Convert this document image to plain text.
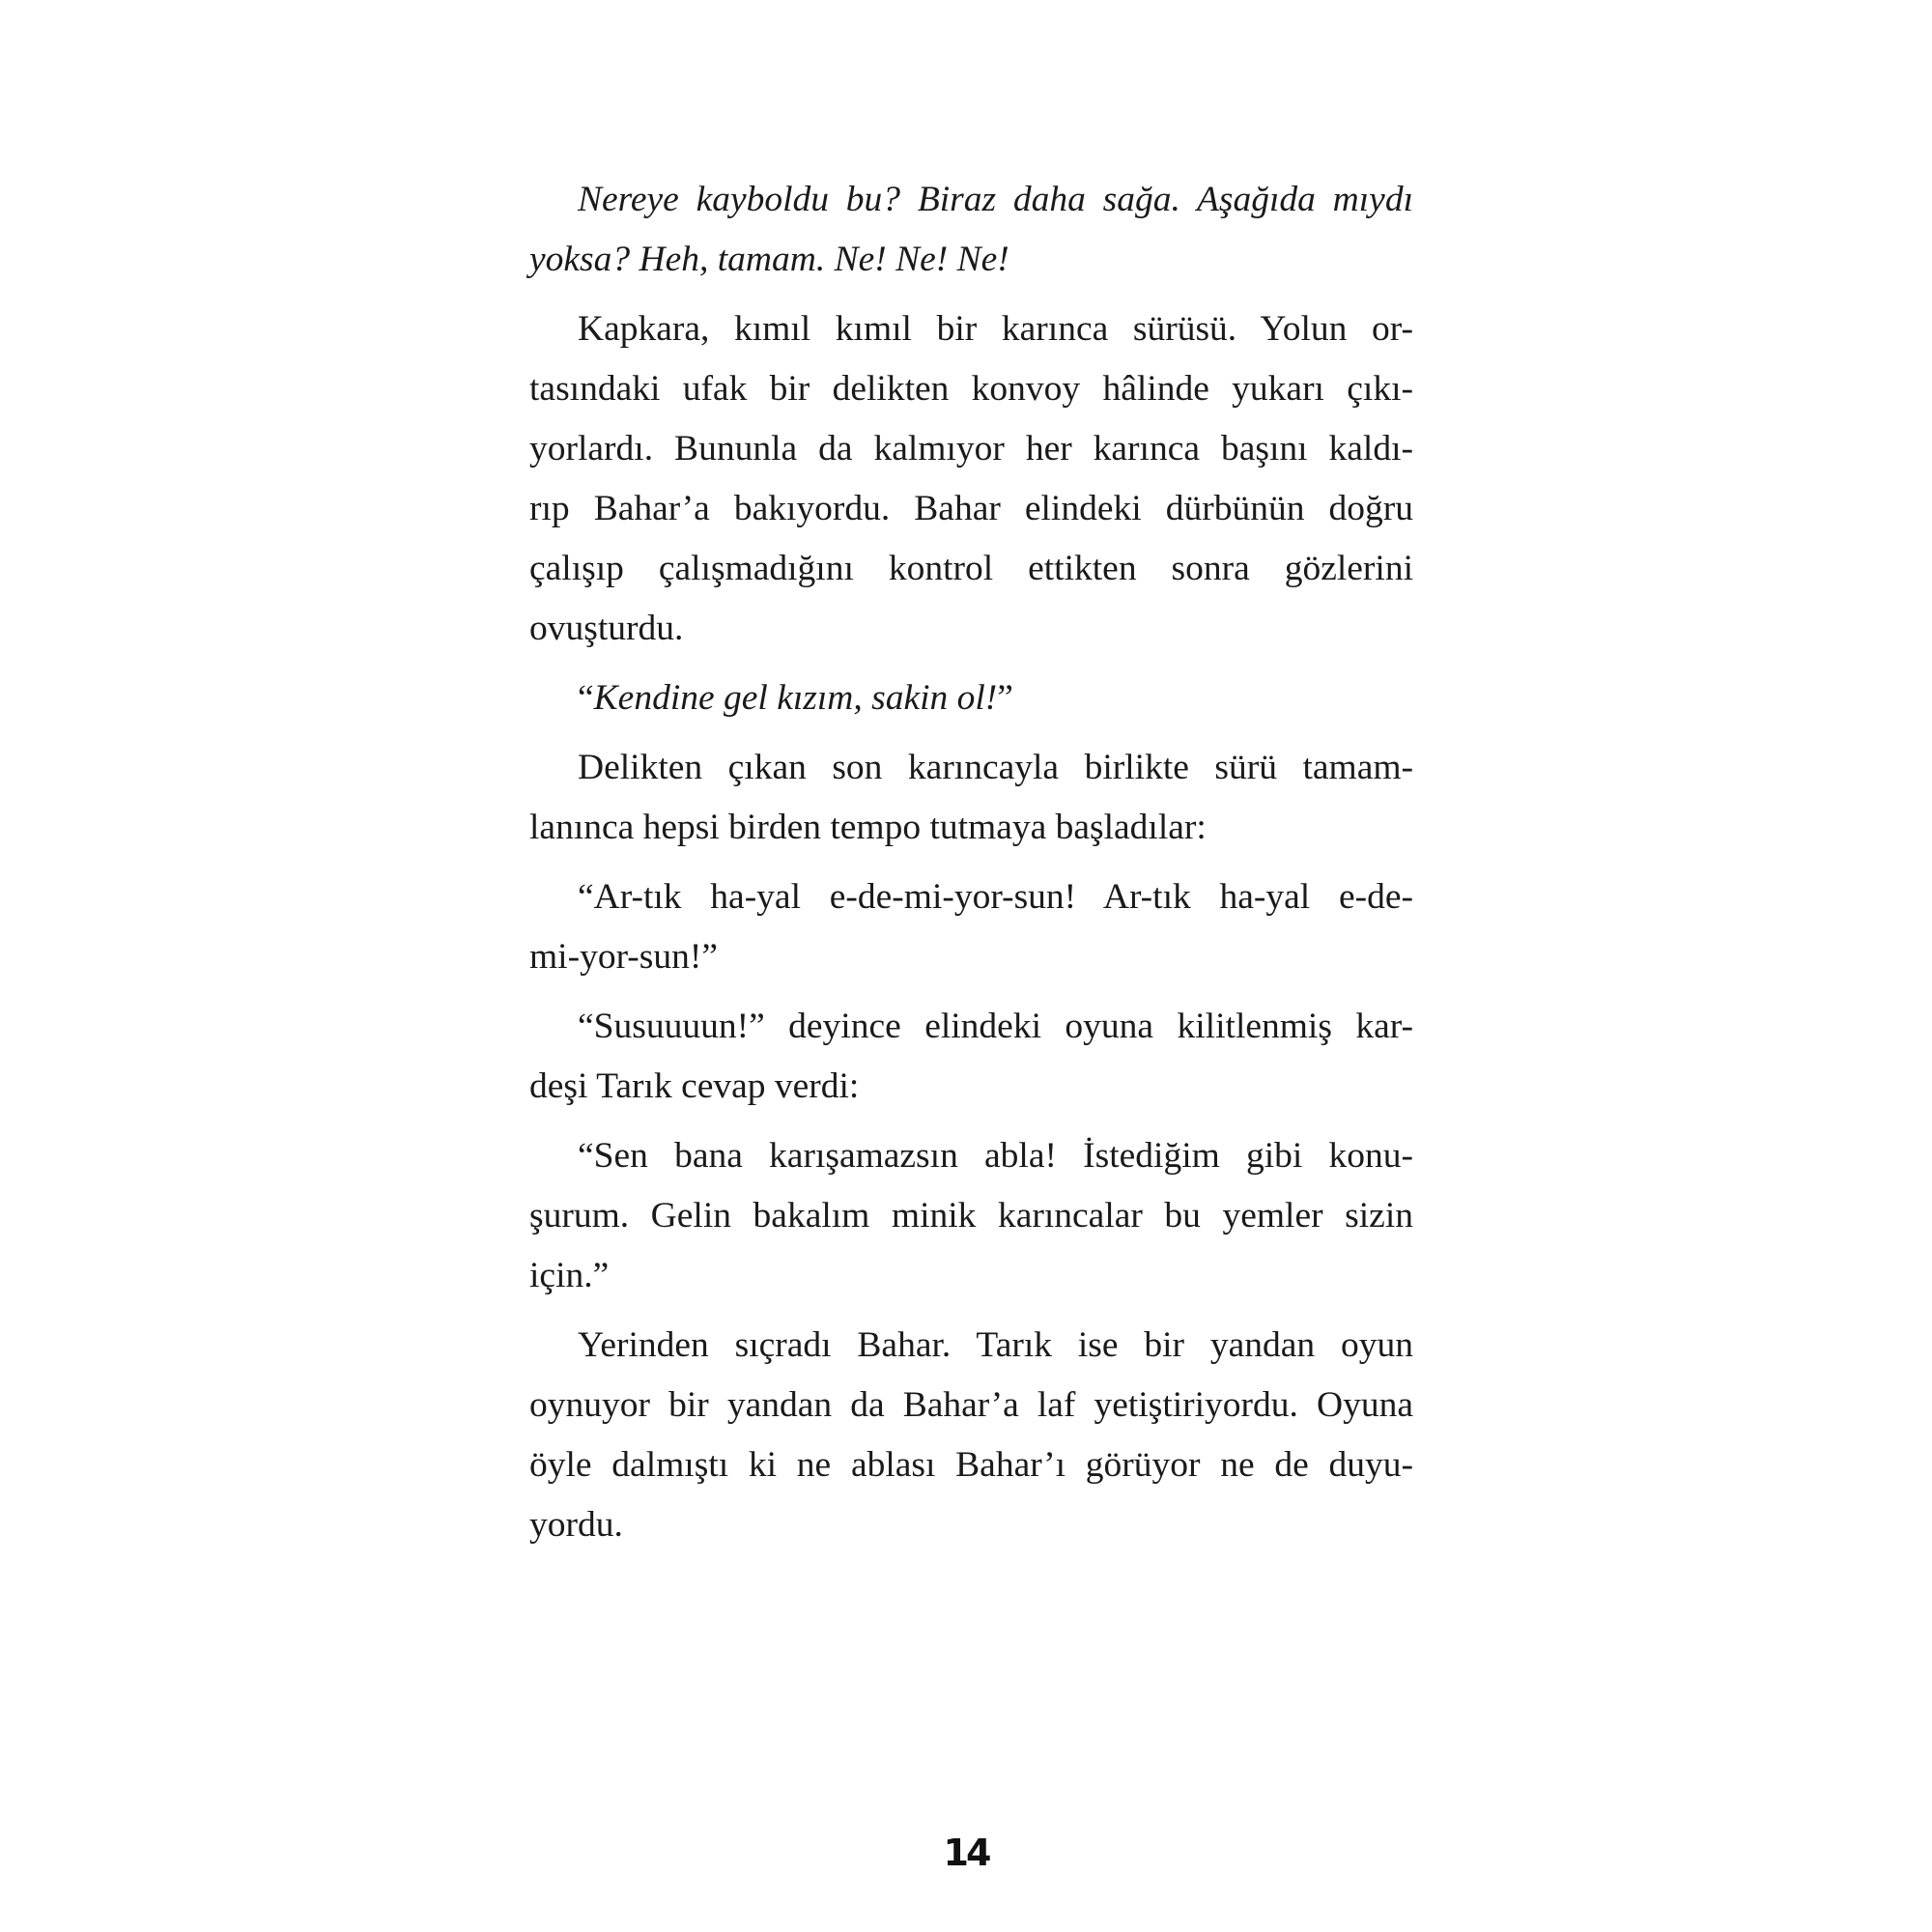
Nereye kayboldu bu? Biraz daha sağa. Aşağıda mıydı
yoksa? Heh, tamam. Ne! Ne! Ne!
Kapkara, kımıl kımıl bir karınca sürüsü. Yolun or-
tasındaki ufak bir delikten konvoy hâlinde yukarı çıkı-
yorlardı. Bununla da kalmıyor her karınca başını kaldı-
rıp Bahar’a bakıyordu. Bahar elindeki dürbünün doğru
çalışıp çalışmadığını kontrol ettikten sonra gözlerini
ovuşturdu.
“Kendine gel kızım, sakin ol!”
Delikten çıkan son karıncayla birlikte sürü tamam-
lanınca hepsi birden tempo tutmaya başladılar:
“Ar-tık ha-yal e-de-mi-yor-sun! Ar-tık ha-yal e-de-
mi-yor-sun!”
“Susuuuun!” deyince elindeki oyuna kilitlenmiş kar-
deşi Tarık cevap verdi:
“Sen bana karışamazsın abla! İstediğim gibi konu-
şurum. Gelin bakalım minik karıncalar bu yemler sizin
için.”
Yerinden sıçradı Bahar. Tarık ise bir yandan oyun
oynuyor bir yandan da Bahar’a laf yetiştiriyordu. Oyuna
öyle dalmıştı ki ne ablası Bahar’ı görüyor ne de duyu-
yordu.
14
